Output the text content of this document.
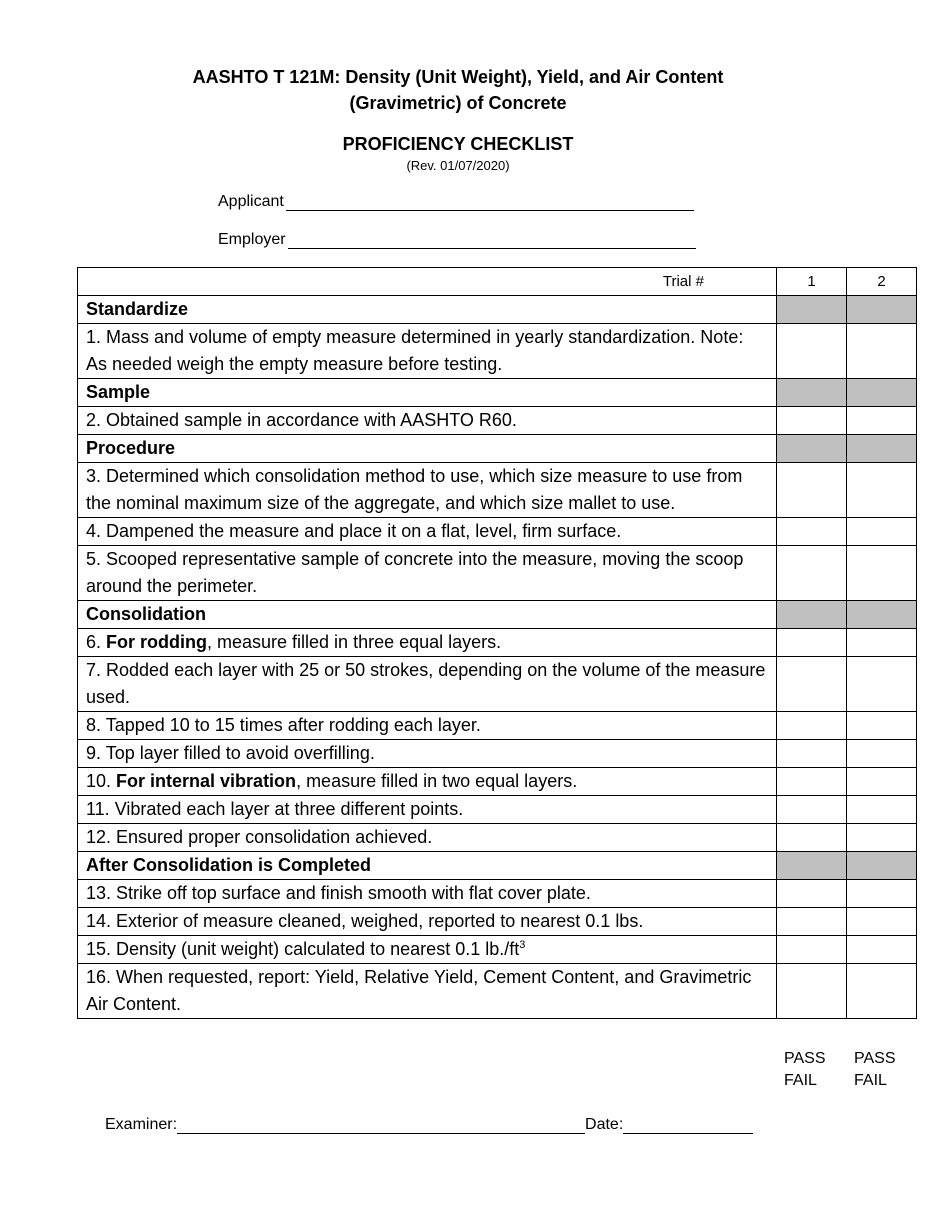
AASHTO T 121M: Density (Unit Weight), Yield, and Air Content
(Gravimetric) of Concrete
PROFICIENCY CHECKLIST
(Rev. 01/07/2020)
Applicant
Employer
Trial #	1	2
Standardize		
1. Mass and volume of empty measure determined in yearly standardization. Note: As needed weigh the empty measure before testing.		
Sample		
2. Obtained sample in accordance with AASHTO R60.		
Procedure		
3. Determined which consolidation method to use, which size measure to use from the nominal maximum size of the aggregate, and which size mallet to use.		
4. Dampened the measure and place it on a flat, level, firm surface.		
5. Scooped representative sample of concrete into the measure, moving the scoop around the perimeter.		
Consolidation		
6. For rodding, measure filled in three equal layers.		
7. Rodded each layer with 25 or 50 strokes, depending on the volume of the measure used.		
8. Tapped 10 to 15 times after rodding each layer.		
9. Top layer filled to avoid overfilling.		
10. For internal vibration, measure filled in two equal layers.		
11. Vibrated each layer at three different points.		
12. Ensured proper consolidation achieved.		
After Consolidation is Completed		
13. Strike off top surface and finish smooth with flat cover plate.		
14. Exterior of measure cleaned, weighed, reported to nearest 0.1 lbs.		
15. Density (unit weight) calculated to nearest 0.1 $lb./ft^3$		
16. When requested, report: Yield, Relative Yield, Cement Content, and Gravimetric Air Content.		
PASS
FAIL
PASS
FAIL
Examiner:	Date:
